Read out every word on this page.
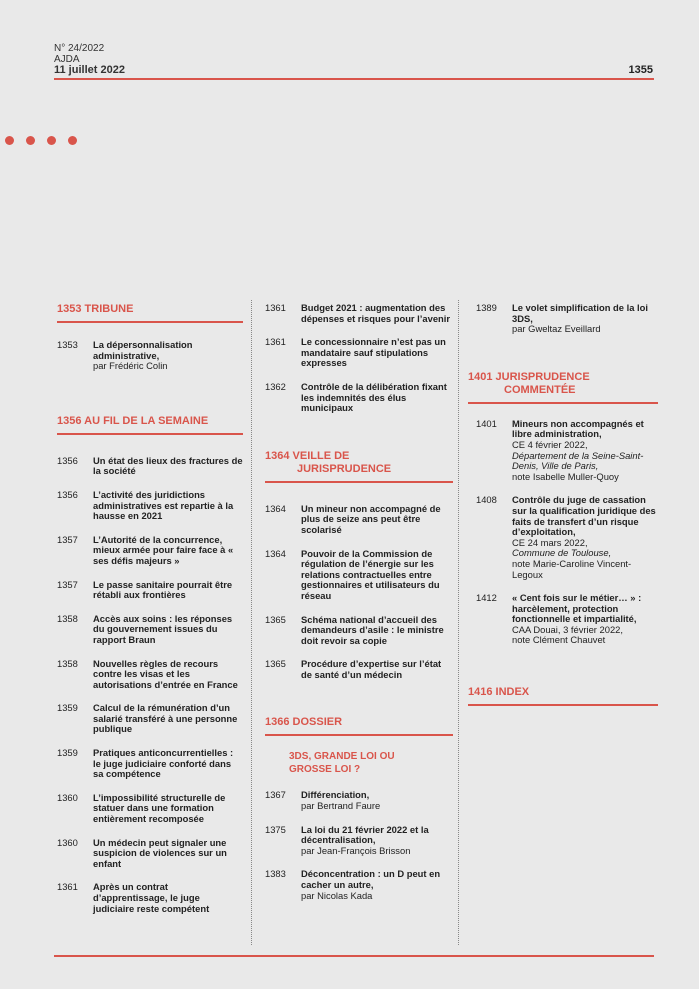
N° 24/2022
AJDA
11 juillet 2022	1355
1353 TRIBUNE
1353	La dépersonnalisation administrative,
par Frédéric Colin
1356 AU FIL DE LA SEMAINE
1356	Un état des lieux des fractures de la société
1356	L’activité des juridictions administratives est repartie à la hausse en 2021
1357	L’Autorité de la concurrence, mieux armée pour faire face à « ses défis majeurs »
1357	Le passe sanitaire pourrait être rétabli aux frontières
1358	Accès aux soins : les réponses du gouvernement issues du rapport Braun
1358	Nouvelles règles de recours contre les visas et les autorisations d’entrée en France
1359	Calcul de la rémunération d’un salarié transféré à une personne publique
1359	Pratiques anticoncurrentielles : le juge judiciaire conforté dans sa compétence
1360	L’impossibilité structurelle de statuer dans une formation entièrement recomposée
1360	Un médecin peut signaler une suspicion de violences sur un enfant
1361	Après un contrat d’apprentissage, le juge judiciaire reste compétent
1361	Budget 2021 : augmentation des dépenses et risques pour l’avenir
1361	Le concessionnaire n’est pas un mandataire sauf stipulations expresses
1362	Contrôle de la délibération fixant les indemnités des élus municipaux
1364 VEILLE DE
JURISPRUDENCE
1364	Un mineur non accompagné de plus de seize ans peut être scolarisé
1364	Pouvoir de la Commission de régulation de l’énergie sur les relations contractuelles entre gestionnaires et utilisateurs du réseau
1365	Schéma national d’accueil des demandeurs d’asile : le ministre doit revoir sa copie
1365	Procédure d’expertise sur l’état de santé d’un médecin
1366 DOSSIER
3DS, GRANDE LOI OU GROSSE LOI ?
1367	Différenciation,
par Bertrand Faure
1375	La loi du 21 février 2022 et la décentralisation,
par Jean-François Brisson
1383	Déconcentration : un D peut en cacher un autre,
par Nicolas Kada
1389	Le volet simplification de la loi 3DS,
par Gweltaz Eveillard
1401 JURISPRUDENCE
COMMENTÉE
1401	Mineurs non accompagnés et libre administration,
CE 4 février 2022,
Département de la Seine-Saint-Denis, Ville de Paris,
note Isabelle Muller-Quoy
1408	Contrôle du juge de cassation sur la qualification juridique des faits de transfert d’un risque d’exploitation,
CE 24 mars 2022,
Commune de Toulouse,
note Marie-Caroline Vincent-Legoux
1412	« Cent fois sur le métier… » : harcèlement, protection fonctionnelle et impartialité,
CAA Douai, 3 février 2022,
note Clément Chauvet
1416 INDEX
